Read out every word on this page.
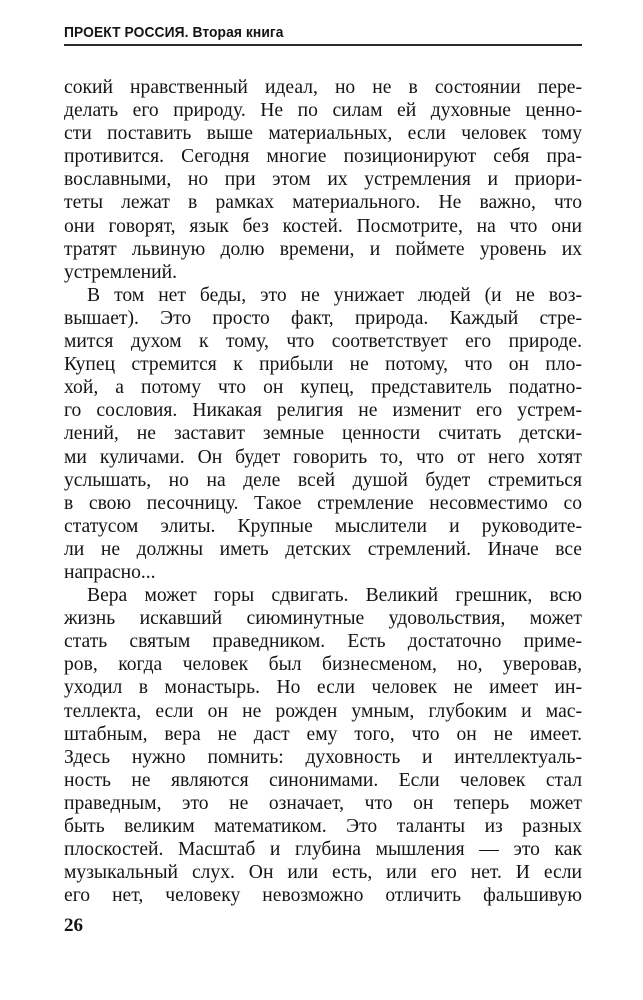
ПРОЕКТ РОССИЯ. Вторая книга
сокий нравственный идеал, но не в состоянии пере-
делать его природу. Не по силам ей духовные ценно-
сти поставить выше материальных, если человек тому
противится. Сегодня многие позиционируют себя пра-
вославными, но при этом их устремления и приори-
теты лежат в рамках материального. Не важно, что
они говорят, язык без костей. Посмотрите, на что они
тратят львиную долю времени, и поймете уровень их
устремлений.
В том нет беды, это не унижает людей (и не воз-
вышает). Это просто факт, природа. Каждый стре-
мится духом к тому, что соответствует его природе.
Купец стремится к прибыли не потому, что он пло-
хой, а потому что он купец, представитель податно-
го сословия. Никакая религия не изменит его устрем-
лений, не заставит земные ценности считать детски-
ми куличами. Он будет говорить то, что от него хотят
услышать, но на деле всей душой будет стремиться
в свою песочницу. Такое стремление несовместимо со
статусом элиты. Крупные мыслители и руководите-
ли не должны иметь детских стремлений. Иначе все
напрасно...
Вера может горы сдвигать. Великий грешник, всю
жизнь искавший сиюминутные удовольствия, может
стать святым праведником. Есть достаточно приме-
ров, когда человек был бизнесменом, но, уверовав,
уходил в монастырь. Но если человек не имеет ин-
теллекта, если он не рожден умным, глубоким и мас-
штабным, вера не даст ему того, что он не имеет.
Здесь нужно помнить: духовность и интеллектуаль-
ность не являются синонимами. Если человек стал
праведным, это не означает, что он теперь может
быть великим математиком. Это таланты из разных
плоскостей. Масштаб и глубина мышления — это как
музыкальный слух. Он или есть, или его нет. И если
его нет, человеку невозможно отличить фальшивую
26
